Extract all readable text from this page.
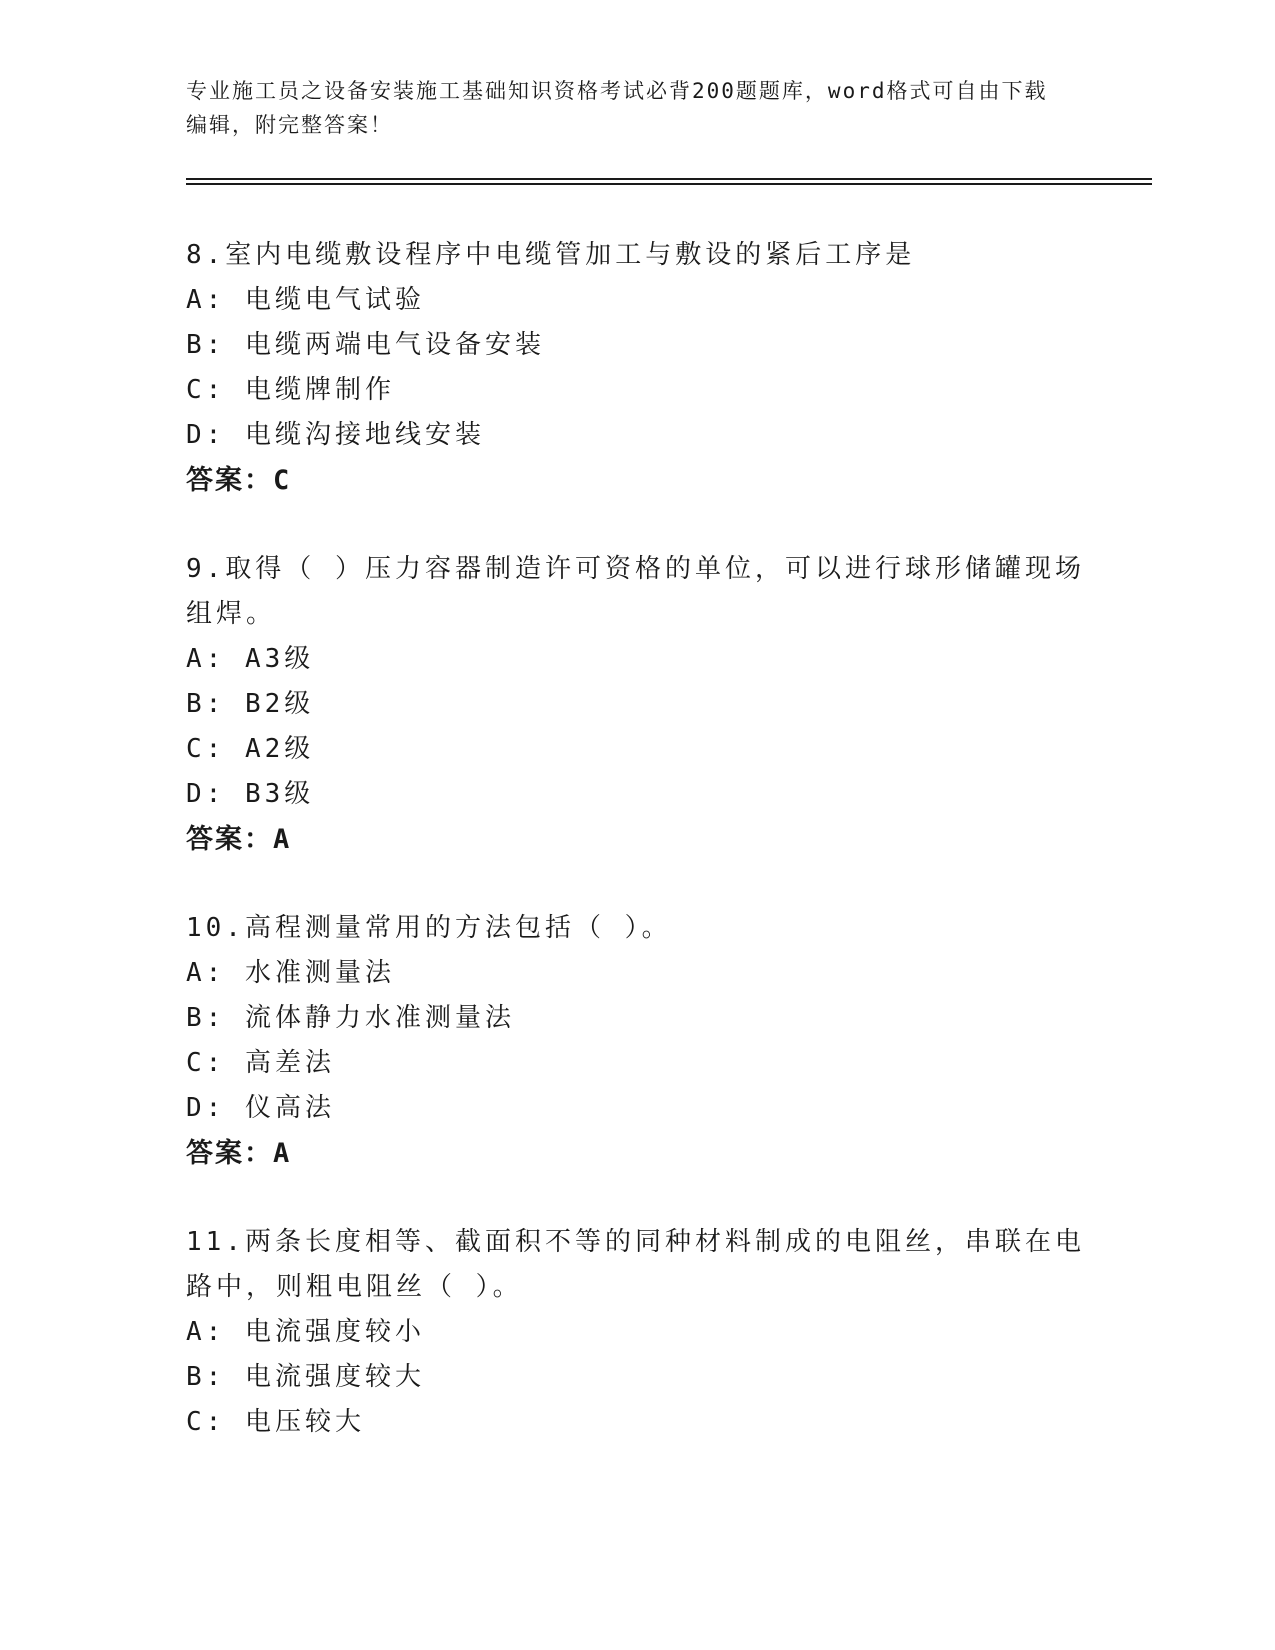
专业施工员之设备安装施工基础知识资格考试必背200题题库，word格式可自由下载编辑，附完整答案！
8.室内电缆敷设程序中电缆管加工与敷设的紧后工序是
A: 电缆电气试验
B: 电缆两端电气设备安装
C: 电缆牌制作
D: 电缆沟接地线安装
答案：C
9.取得（ ）压力容器制造许可资格的单位，可以进行球形储罐现场组焊。
A: A3级
B: B2级
C: A2级
D: B3级
答案：A
10.高程测量常用的方法包括（ ）。
A: 水准测量法
B: 流体静力水准测量法
C: 高差法
D: 仪高法
答案：A
11.两条长度相等、截面积不等的同种材料制成的电阻丝，串联在电路中，则粗电阻丝（ ）。
A: 电流强度较小
B: 电流强度较大
C: 电压较大
